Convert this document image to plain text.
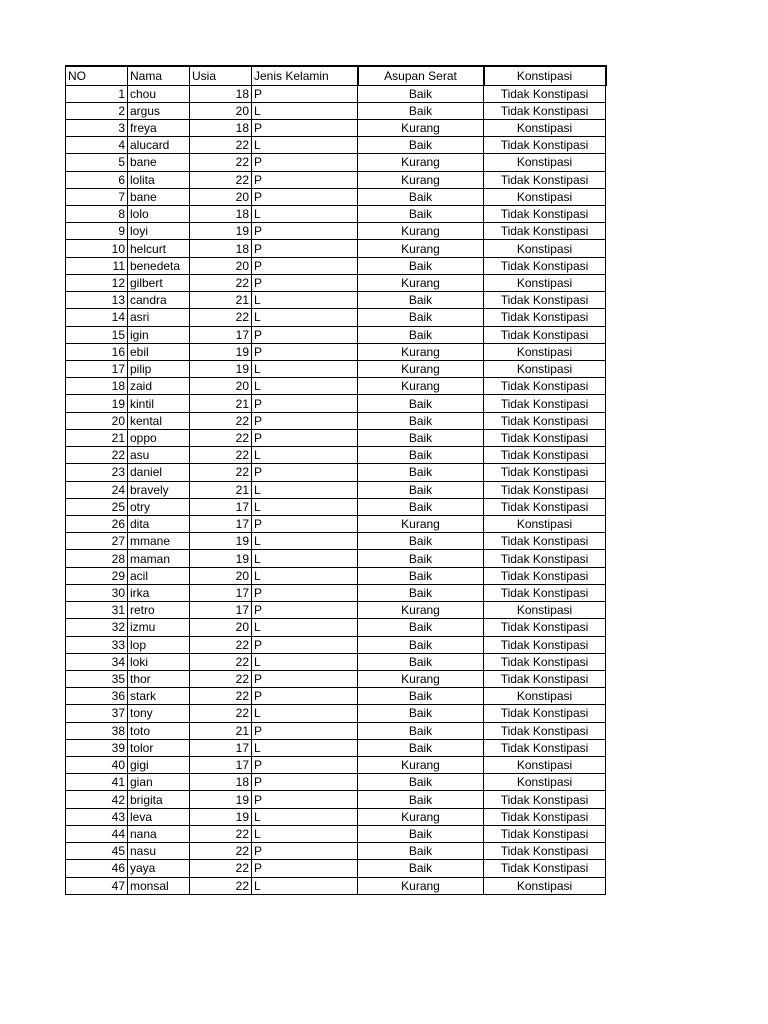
NO	Nama	Usia	Jenis Kelamin	Asupan Serat	Konstipasi
1	chou	18	P	Baik	Tidak Konstipasi
2	argus	20	L	Baik	Tidak Konstipasi
3	freya	18	P	Kurang	Konstipasi
4	alucard	22	L	Baik	Tidak Konstipasi
5	bane	22	P	Kurang	Konstipasi
6	lolita	22	P	Kurang	Tidak Konstipasi
7	bane	20	P	Baik	Konstipasi
8	lolo	18	L	Baik	Tidak Konstipasi
9	loyi	19	P	Kurang	Tidak Konstipasi
10	helcurt	18	P	Kurang	Konstipasi
11	benedeta	20	P	Baik	Tidak Konstipasi
12	gilbert	22	P	Kurang	Konstipasi
13	candra	21	L	Baik	Tidak Konstipasi
14	asri	22	L	Baik	Tidak Konstipasi
15	igin	17	P	Baik	Tidak Konstipasi
16	ebil	19	P	Kurang	Konstipasi
17	pilip	19	L	Kurang	Konstipasi
18	zaid	20	L	Kurang	Tidak Konstipasi
19	kintil	21	P	Baik	Tidak Konstipasi
20	kental	22	P	Baik	Tidak Konstipasi
21	oppo	22	P	Baik	Tidak Konstipasi
22	asu	22	L	Baik	Tidak Konstipasi
23	daniel	22	P	Baik	Tidak Konstipasi
24	bravely	21	L	Baik	Tidak Konstipasi
25	otry	17	L	Baik	Tidak Konstipasi
26	dita	17	P	Kurang	Konstipasi
27	mmane	19	L	Baik	Tidak Konstipasi
28	maman	19	L	Baik	Tidak Konstipasi
29	acil	20	L	Baik	Tidak Konstipasi
30	irka	17	P	Baik	Tidak Konstipasi
31	retro	17	P	Kurang	Konstipasi
32	izmu	20	L	Baik	Tidak Konstipasi
33	lop	22	P	Baik	Tidak Konstipasi
34	loki	22	L	Baik	Tidak Konstipasi
35	thor	22	P	Kurang	Tidak Konstipasi
36	stark	22	P	Baik	Konstipasi
37	tony	22	L	Baik	Tidak Konstipasi
38	toto	21	P	Baik	Tidak Konstipasi
39	tolor	17	L	Baik	Tidak Konstipasi
40	gigi	17	P	Kurang	Konstipasi
41	gian	18	P	Baik	Konstipasi
42	brigita	19	P	Baik	Tidak Konstipasi
43	leva	19	L	Kurang	Tidak Konstipasi
44	nana	22	L	Baik	Tidak Konstipasi
45	nasu	22	P	Baik	Tidak Konstipasi
46	yaya	22	P	Baik	Tidak Konstipasi
47	monsal	22	L	Kurang	Konstipasi
